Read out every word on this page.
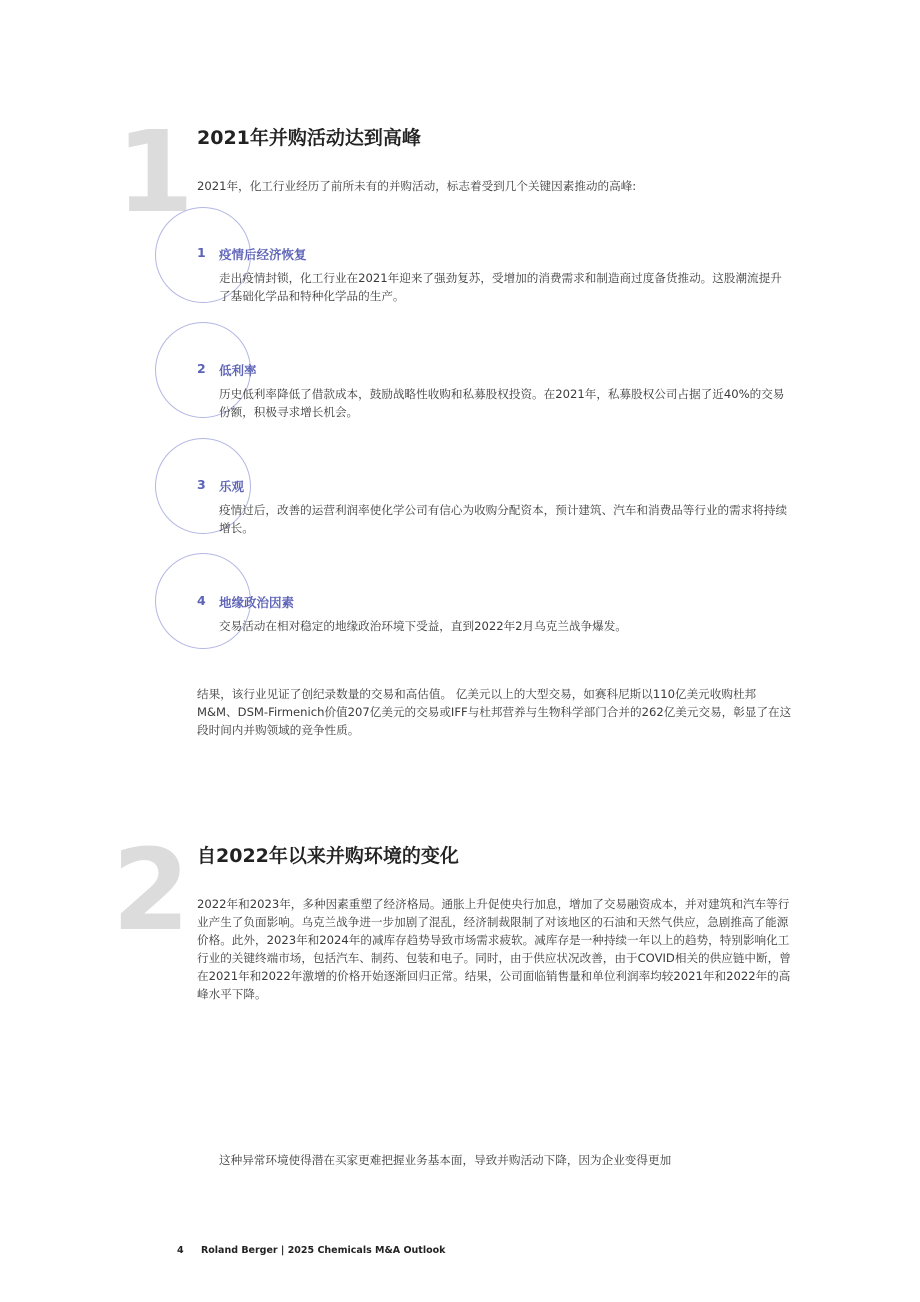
1 2021年并购活动达到高峰
2021年，化工行业经历了前所未有的并购活动，标志着受到几个关键因素推动的高峰:
1 疫情后经济恢复
走出疫情封锁，化工行业在2021年迎来了强劲复苏，受增加的消费需求和制造商过度备货推动。这股潮流提升了基础化学品和特种化学品的生产。
2 低利率
历史低利率降低了借款成本，鼓励战略性收购和私募股权投资。在2021年，私募股权公司占据了近40%的交易份额，积极寻求增长机会。
3 乐观
疫情过后，改善的运营利润率使化学公司有信心为收购分配资本，预计建筑、汽车和消费品等行业的需求将持续增长。
4 地缘政治因素
交易活动在相对稳定的地缘政治环境下受益，直到2022年2月乌克兰战争爆发。
结果，该行业见证了创纪录数量的交易和高估值。 亿美元以上的大型交易，如赛科尼斯以110亿美元收购杜邦M&M、DSM-Firmenich价值207亿美元的交易或IFF与杜邦营养与生物科学部门合并的262亿美元交易，彰显了在这段时间内并购领域的竞争性质。
2 自2022年以来并购环境的变化
2022年和2023年，多种因素重塑了经济格局。通胀上升促使央行加息，增加了交易融资成本，并对建筑和汽车等行业产生了负面影响。乌克兰战争进一步加剧了混乱，经济制裁限制了对该地区的石油和天然气供应，急剧推高了能源价格。此外，2023年和2024年的减库存趋势导致市场需求疲软。减库存是一种持续一年以上的趋势，特别影响化工行业的关键终端市场，包括汽车、制药、包装和电子。同时，由于供应状况改善，由于COVID相关的供应链中断，曾在2021年和2022年激增的价格开始逐渐回归正常。结果，公司面临销售量和单位利润率均较2021年和2022年的高峰水平下降。
这种异常环境使得潜在买家更难把握业务基本面，导致并购活动下降，因为企业变得更加
4 Roland Berger | 2025 Chemicals M&A Outlook
